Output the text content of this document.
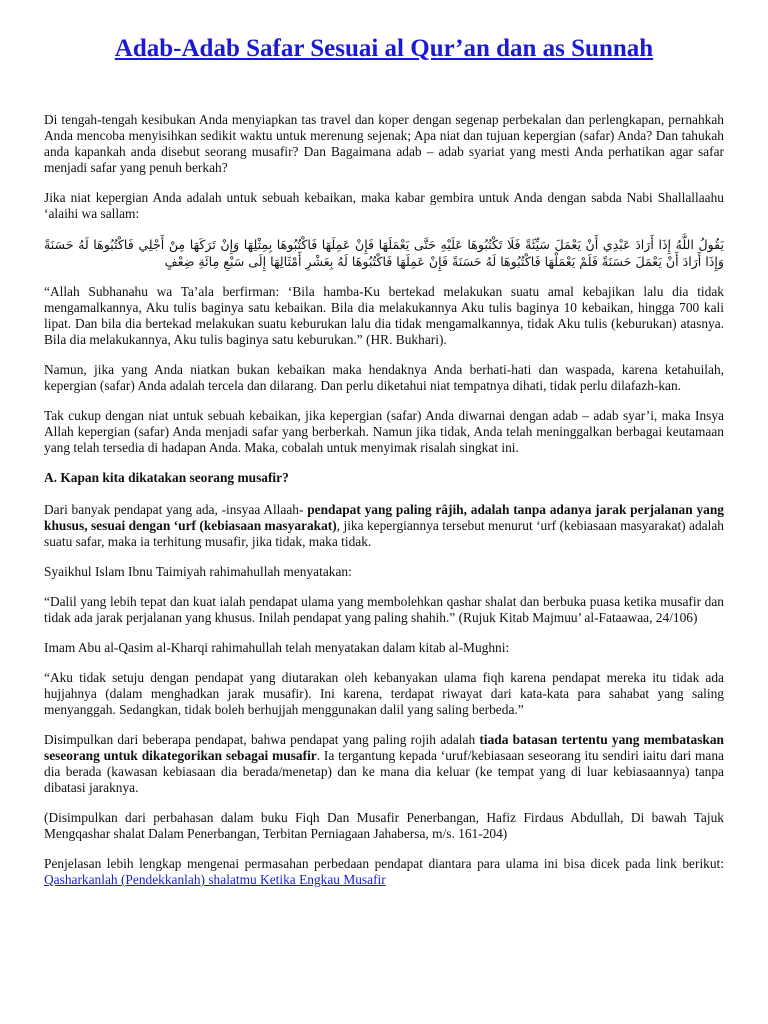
Adab-Adab Safar Sesuai al Qur’an dan as Sunnah

Di tengah-tengah kesibukan Anda menyiapkan tas travel dan koper dengan segenap perbekalan dan perlengkapan, pernahkah Anda mencoba menyisihkan sedikit waktu untuk merenung sejenak; Apa niat dan tujuan kepergian (safar) Anda? Dan tahukah anda kapankah anda disebut seorang musafir? Dan Bagaimana adab – adab syariat yang mesti Anda perhatikan agar safar menjadi safar yang penuh berkah?

Jika niat kepergian Anda adalah untuk sebuah kebaikan, maka kabar gembira untuk Anda dengan sabda Nabi Shallallaahu ‘alaihi wa sallam:

يَقُولُ اللَّهُ إِذَا أَرَادَ عَبْدِي أَنْ يَعْمَلَ سَيِّئَةً فَلَا تَكْتُبُوهَا عَلَيْهِ حَتَّى يَعْمَلَهَا فَإِنْ عَمِلَهَا فَاكْتُبُوهَا بِمِثْلِهَا وَإِنْ تَرَكَهَا مِنْ أَجْلِي فَاكْتُبُوهَا لَهُ حَسَنَةً وَإِذَا أَرَادَ أَنْ يَعْمَلَ حَسَنَةً فَلَمْ يَعْمَلْهَا فَاكْتُبُوهَا لَهُ حَسَنَةً فَإِنْ عَمِلَهَا فَاكْتُبُوهَا لَهُ بِعَشْرِ أَمْثَالِهَا إِلَى سَبْعِ مِائَةِ ضِعْفٍ

“Allah Subhanahu wa Ta’ala berfirman: ‘Bila hamba-Ku bertekad melakukan suatu amal kebajikan lalu dia tidak mengamalkannya, Aku tulis baginya satu kebaikan. Bila dia melakukannya Aku tulis baginya 10 kebaikan, hingga 700 kali lipat. Dan bila dia bertekad melakukan suatu keburukan lalu dia tidak mengamalkannya, tidak Aku tulis (keburukan) atasnya. Bila dia melakukannya, Aku tulis baginya satu keburukan.” (HR. Bukhari).

Namun, jika yang Anda niatkan bukan kebaikan maka hendaknya Anda berhati-hati dan waspada, karena ketahuilah, kepergian (safar) Anda adalah tercela dan dilarang. Dan perlu diketahui niat tempatnya dihati, tidak perlu dilafazh-kan.

Tak cukup dengan niat untuk sebuah kebaikan, jika kepergian (safar) Anda diwarnai dengan adab – adab syar’i, maka Insya Allah kepergian (safar) Anda menjadi safar yang berberkah. Namun jika tidak, Anda telah meninggalkan berbagai keutamaan yang telah tersedia di hadapan Anda. Maka, cobalah untuk menyimak risalah singkat ini.

A. Kapan kita dikatakan seorang musafir?

Dari banyak pendapat yang ada, -insyaa Allaah- pendapat yang paling râjih, adalah tanpa adanya jarak perjalanan yang khusus, sesuai dengan ‘urf (kebiasaan masyarakat), jika kepergiannya tersebut menurut ‘urf (kebiasaan masyarakat) adalah suatu safar, maka ia terhitung musafir, jika tidak, maka tidak.

Syaikhul Islam Ibnu Taimiyah rahimahullah menyatakan:

“Dalil yang lebih tepat dan kuat ialah pendapat ulama yang membolehkan qashar shalat dan berbuka puasa ketika musafir dan tidak ada jarak perjalanan yang khusus. Inilah pendapat yang paling shahih.” (Rujuk Kitab Majmuu’ al-Fataawaa, 24/106)

Imam Abu al-Qasim al-Kharqi rahimahullah telah menyatakan dalam kitab al-Mughni:

“Aku tidak setuju dengan pendapat yang diutarakan oleh kebanyakan ulama fiqh karena pendapat mereka itu tidak ada hujjahnya (dalam menghadkan jarak musafir). Ini karena, terdapat riwayat dari kata-kata para sahabat yang saling menyanggah. Sedangkan, tidak boleh berhujjah menggunakan dalil yang saling berbeda.”

Disimpulkan dari beberapa pendapat, bahwa pendapat yang paling rojih adalah tiada batasan tertentu yang membataskan seseorang untuk dikategorikan sebagai musafir. Ia tergantung kepada ‘uruf/kebiasaan seseorang itu sendiri iaitu dari mana dia berada (kawasan kebiasaan dia berada/menetap) dan ke mana dia keluar (ke tempat yang di luar kebiasaannya) tanpa dibatasi jaraknya.

(Disimpulkan dari perbahasan dalam buku Fiqh Dan Musafir Penerbangan, Hafiz Firdaus Abdullah, Di bawah Tajuk Mengqashar shalat Dalam Penerbangan, Terbitan Perniagaan Jahabersa, m/s. 161-204)

Penjelasan lebih lengkap mengenai permasahan perbedaan pendapat diantara para ulama ini bisa dicek pada link berikut: Qasharkanlah (Pendekkanlah) shalatmu Ketika Engkau Musafir
